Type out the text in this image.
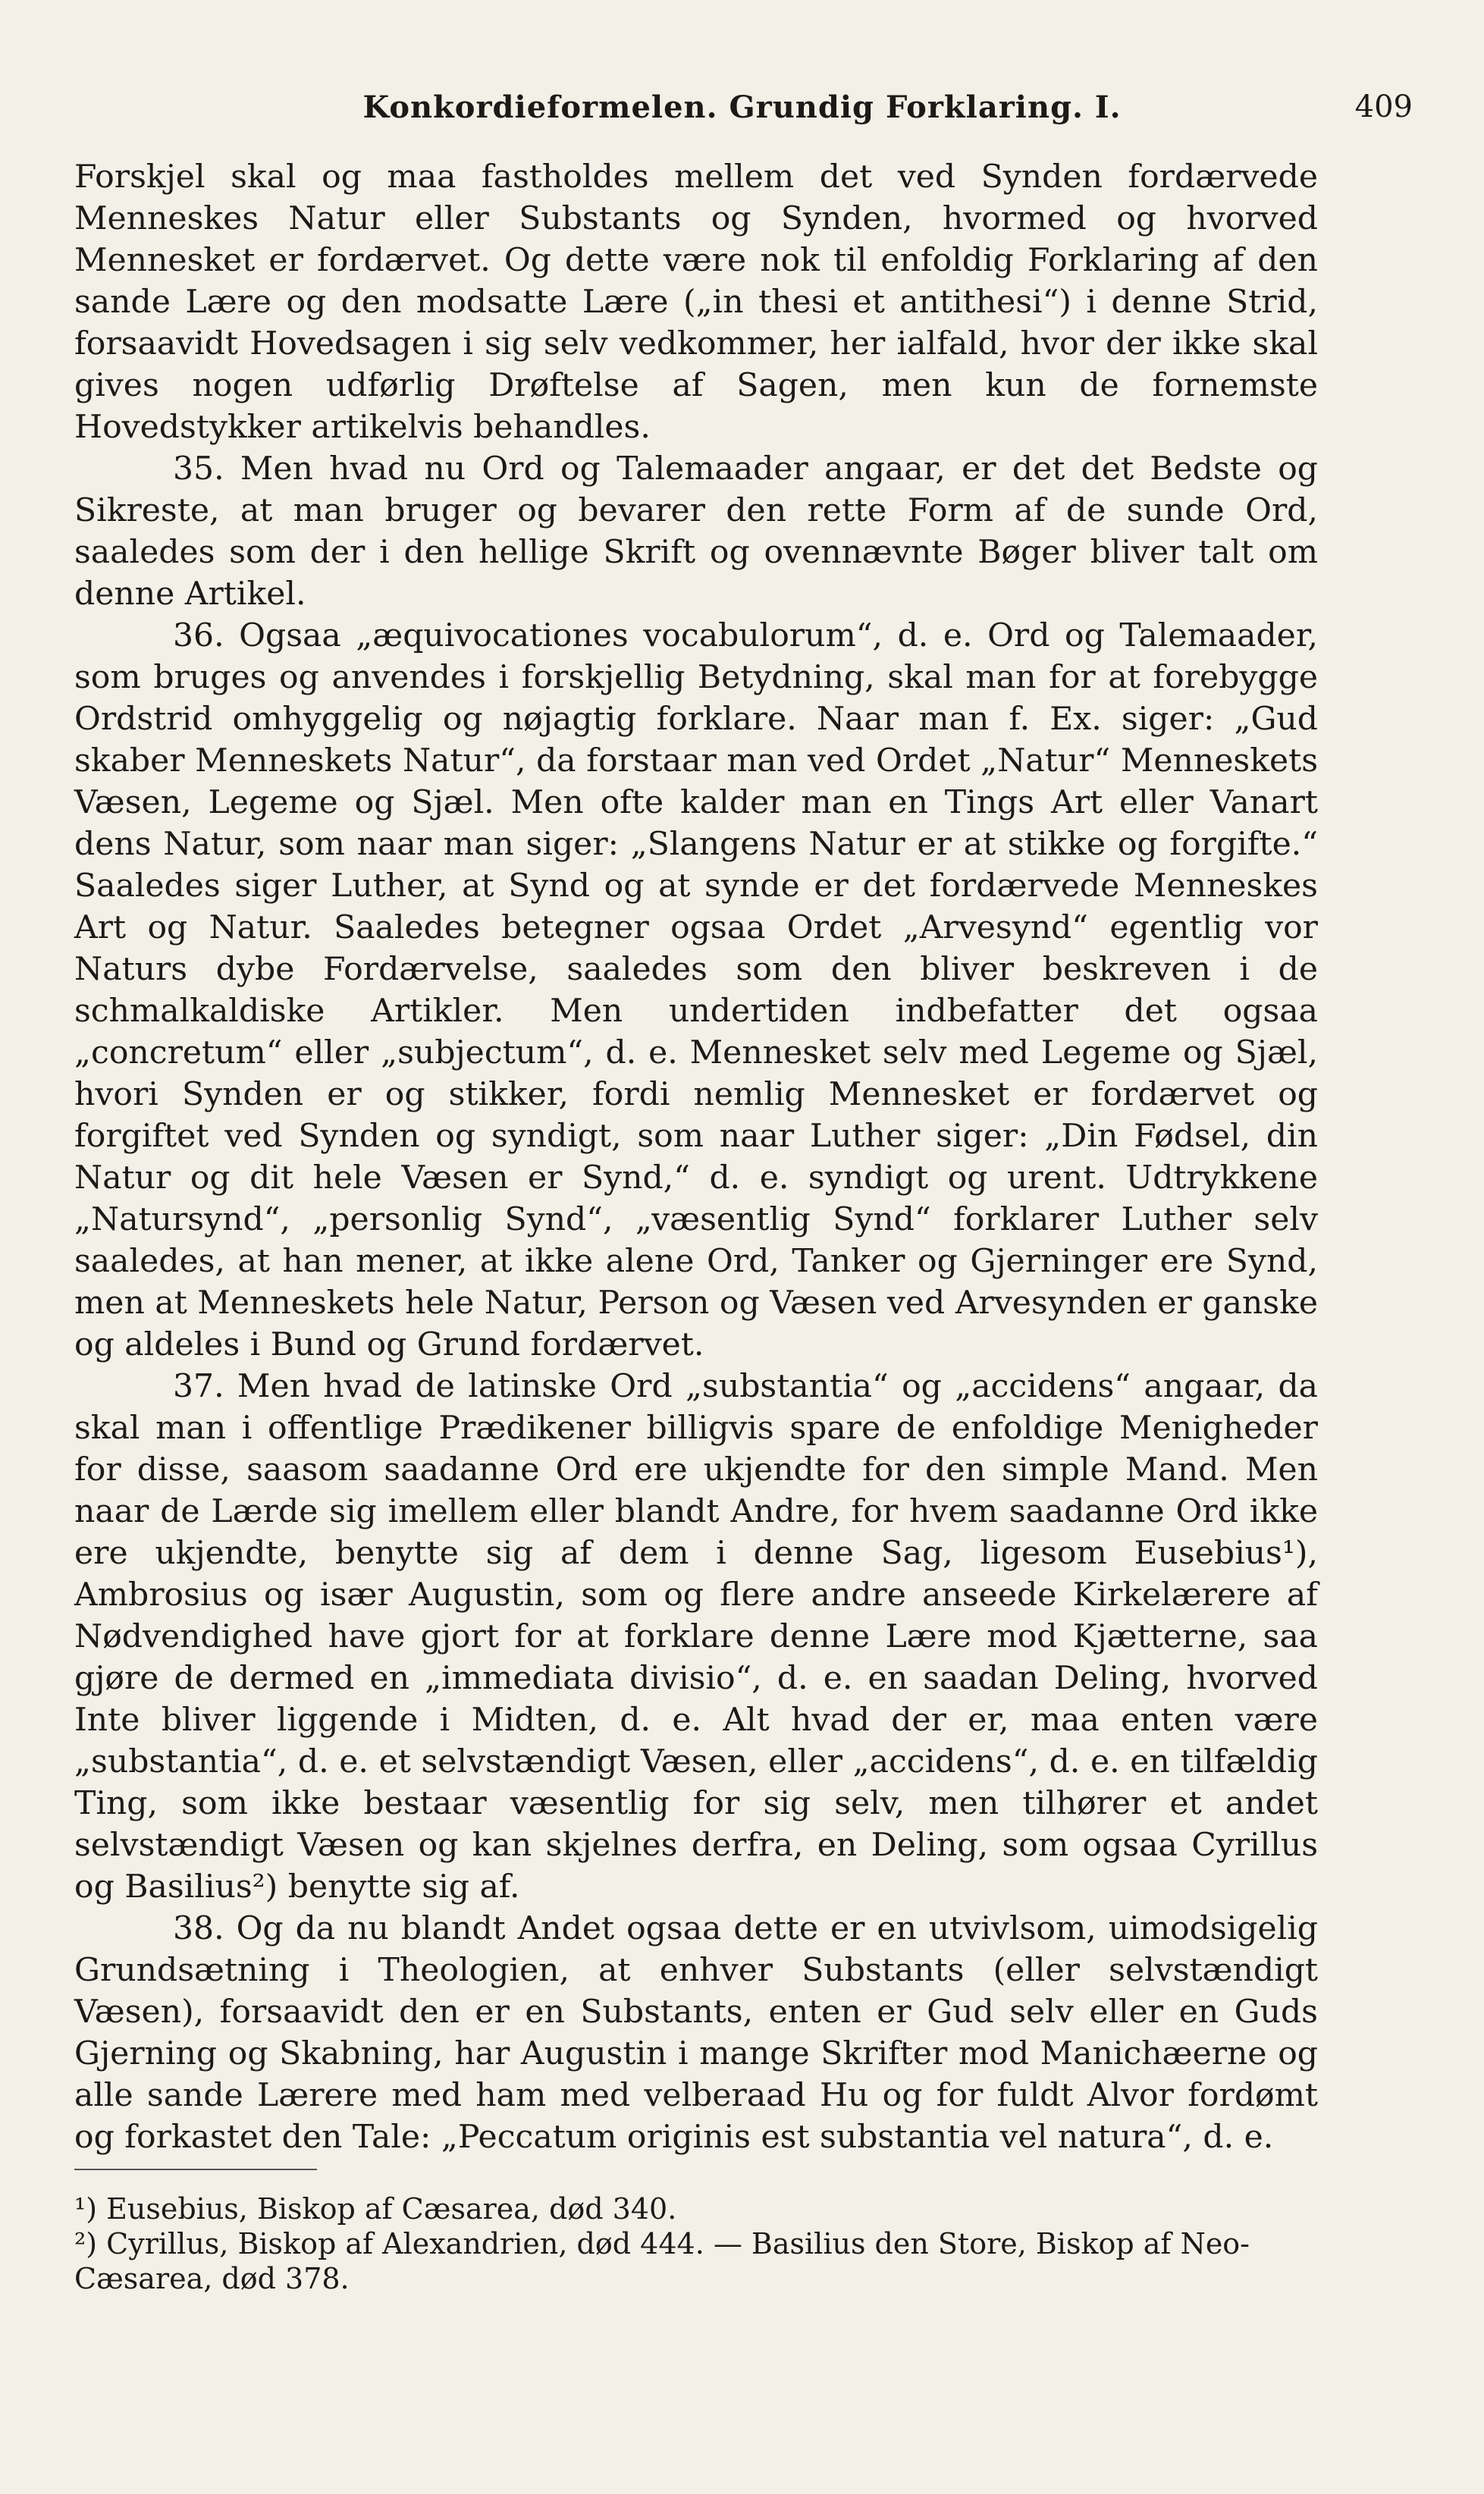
Konkordieformelen. Grundig Forklaring. I.	409

Forskjel skal og maa fastholdes mellem det ved Synden fordærvede Menneskes Natur eller Substants og Synden, hvormed og hvorved Mennesket er fordærvet. Og dette være nok til enfoldig Forklaring af den sande Lære og den modsatte Lære („in thesi et antithesi“) i denne Strid, forsaavidt Hovedsagen i sig selv vedkommer, her ialfald, hvor der ikke skal gives nogen udførlig Drøftelse af Sagen, men kun de fornemste Hovedstykker artikelvis behandles.

35. Men hvad nu Ord og Talemaader angaar, er det det Bedste og Sikreste, at man bruger og bevarer den rette Form af de sunde Ord, saaledes som der i den hellige Skrift og ovennævnte Bøger bliver talt om denne Artikel.

36. Ogsaa „æquivocationes vocabulorum“, d. e. Ord og Talemaader, som bruges og anvendes i forskjellig Betydning, skal man for at forebygge Ordstrid omhyggelig og nøjagtig forklare. Naar man f. Ex. siger: „Gud skaber Menneskets Natur“, da forstaar man ved Ordet „Natur“ Menneskets Væsen, Legeme og Sjæl. Men ofte kalder man en Tings Art eller Vanart dens Natur, som naar man siger: „Slangens Natur er at stikke og forgifte.“ Saaledes siger Luther, at Synd og at synde er det fordærvede Menneskes Art og Natur. Saaledes betegner ogsaa Ordet „Arvesynd“ egentlig vor Naturs dybe Fordærvelse, saaledes som den bliver beskreven i de schmalkaldiske Artikler. Men undertiden indbefatter det ogsaa „concretum“ eller „subjectum“, d. e. Mennesket selv med Legeme og Sjæl, hvori Synden er og stikker, fordi nemlig Mennesket er fordærvet og forgiftet ved Synden og syndigt, som naar Luther siger: „Din Fødsel, din Natur og dit hele Væsen er Synd,“ d. e. syndigt og urent. Udtrykkene „Natursynd“, „personlig Synd“, „væsentlig Synd“ forklarer Luther selv saaledes, at han mener, at ikke alene Ord, Tanker og Gjerninger ere Synd, men at Menneskets hele Natur, Person og Væsen ved Arvesynden er ganske og aldeles i Bund og Grund fordærvet.

37. Men hvad de latinske Ord „substantia“ og „accidens“ angaar, da skal man i offentlige Prædikener billigvis spare de enfoldige Menigheder for disse, saasom saadanne Ord ere ukjendte for den simple Mand. Men naar de Lærde sig imellem eller blandt Andre, for hvem saadanne Ord ikke ere ukjendte, benytte sig af dem i denne Sag, ligesom Eusebius¹), Ambrosius og især Augustin, som og flere andre anseede Kirkelærere af Nødvendighed have gjort for at forklare denne Lære mod Kjætterne, saa gjøre de dermed en „immediata divisio“, d. e. en saadan Deling, hvorved Inte bliver liggende i Midten, d. e. Alt hvad der er, maa enten være „substantia“, d. e. et selvstændigt Væsen, eller „accidens“, d. e. en tilfældig Ting, som ikke bestaar væsentlig for sig selv, men tilhører et andet selvstændigt Væsen og kan skjelnes derfra, en Deling, som ogsaa Cyrillus og Basilius²) benytte sig af.

38. Og da nu blandt Andet ogsaa dette er en utvivlsom, uimodsigelig Grundsætning i Theologien, at enhver Substants (eller selvstændigt Væsen), forsaavidt den er en Substants, enten er Gud selv eller en Guds Gjerning og Skabning, har Augustin i mange Skrifter mod Manichæerne og alle sande Lærere med ham med velberaad Hu og for fuldt Alvor fordømt og forkastet den Tale: „Peccatum originis est substantia vel natura“, d. e.

¹) Eusebius, Biskop af Cæsarea, død 340.

²) Cyrillus, Biskop af Alexandrien, død 444. — Basilius den Store, Biskop af Neo-Cæsarea, død 378.
